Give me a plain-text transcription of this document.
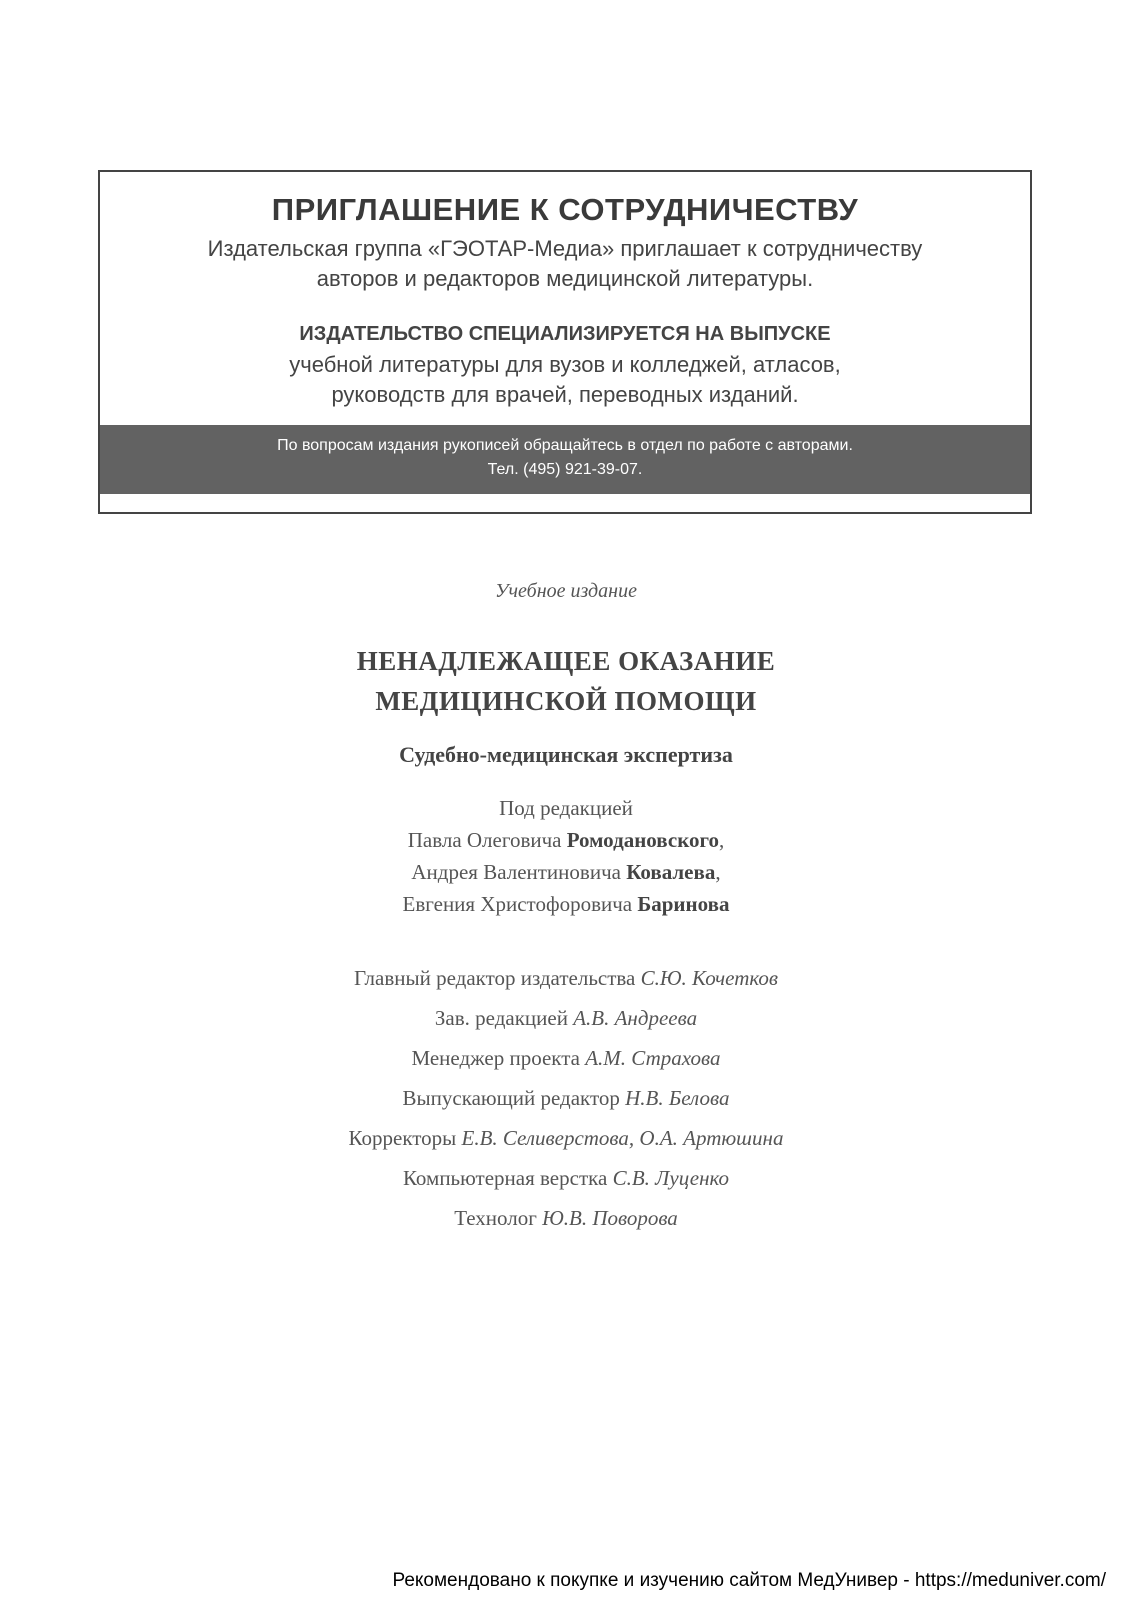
ПРИГЛАШЕНИЕ К СОТРУДНИЧЕСТВУ
Издательская группа «ГЭОТАР-Медиа» приглашает к сотрудничеству
авторов и редакторов медицинской литературы.
ИЗДАТЕЛЬСТВО СПЕЦИАЛИЗИРУЕТСЯ НА ВЫПУСКЕ
учебной литературы для вузов и колледжей, атласов,
руководств для врачей, переводных изданий.
По вопросам издания рукописей обращайтесь в отдел по работе с авторами.
Тел. (495) 921-39-07.
Учебное издание
НЕНАДЛЕЖАЩЕЕ ОКАЗАНИЕ
МЕДИЦИНСКОЙ ПОМОЩИ
Судебно-медицинская экспертиза
Под редакцией
Павла Олеговича Ромодановского,
Андрея Валентиновича Ковалева,
Евгения Христофоровича Баринова
Главный редактор издательства С.Ю. Кочетков
Зав. редакцией А.В. Андреева
Менеджер проекта А.М. Страхова
Выпускающий редактор Н.В. Белова
Корректоры Е.В. Селиверстова, О.А. Артюшина
Компьютерная верстка С.В. Луценко
Технолог Ю.В. Поворова
Рекомендовано к покупке и изучению сайтом МедУнивер - https://meduniver.com/
